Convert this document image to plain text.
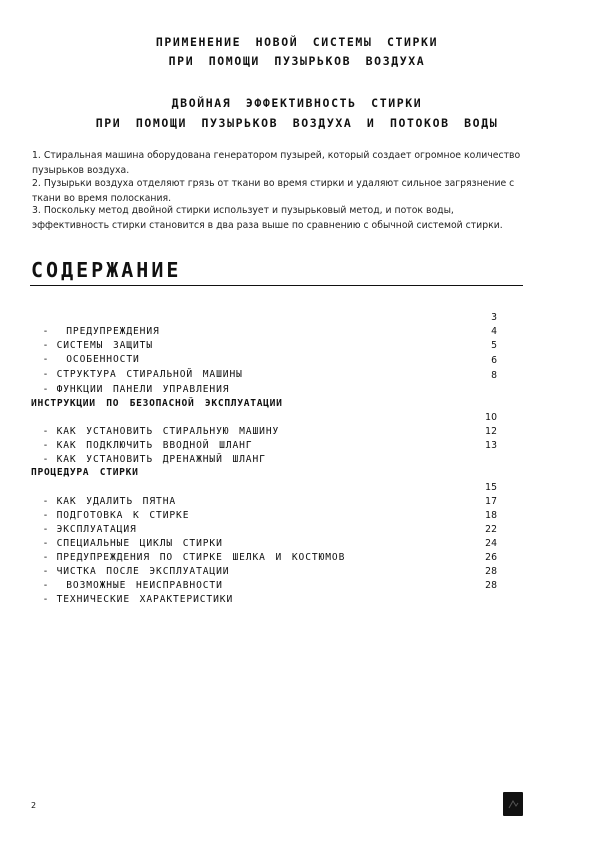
ПРИМЕНЕНИЕ НОВОЙ СИСТЕМЫ СТИРКИ
ПРИ ПОМОЩИ ПУЗЫРЬКОВ ВОЗДУХА
ДВОЙНАЯ ЭФФЕКТИВНОСТЬ СТИРКИ
ПРИ ПОМОЩИ ПУЗЫРЬКОВ ВОЗДУХА И ПОТОКОВ ВОДЫ
1. Стиральная машина оборудована генератором пузырей, который создает огромное количество пузырьков воздуха.
2. Пузырьки воздуха отделяют грязь от ткани во время стирки и удаляют сильное загрязнение с ткани во время полоскания.
3. Поскольку метод двойной стирки использует и пузырьковый метод, и поток воды, эффективность стирки становится в два раза выше по сравнению с обычной системой стирки.
СОДЕРЖАНИЕ

- ПРЕДУПРЕЖДЕНИЯ
3

- СИСТЕМЫ ЗАЩИТЫ
4

- ОСОБЕННОСТИ
5

- СТРУКТУРА СТИРАЛЬНОЙ МАШИНЫ
6

- ФУНКЦИИ ПАНЕЛИ УПРАВЛЕНИЯ
8

ИНСТРУКЦИИ ПО БЕЗОПАСНОЙ ЭКСПЛУАТАЦИИ

- КАК УСТАНОВИТЬ СТИРАЛЬНУЮ МАШИНУ
10

- КАК ПОДКЛЮЧИТЬ ВВОДНОЙ ШЛАНГ
12

- КАК УСТАНОВИТЬ ДРЕНАЖНЫЙ ШЛАНГ
13

ПРОЦЕДУРА СТИРКИ

- КАК УДАЛИТЬ ПЯТНА
15

- ПОДГОТОВКА К СТИРКЕ
17

- ЭКСПЛУАТАЦИЯ
18

- СПЕЦИАЛЬНЫЕ ЦИКЛЫ СТИРКИ
22

- ПРЕДУПРЕЖДЕНИЯ ПО СТИРКЕ ШЕЛКА И КОСТЮМОВ
24

- ЧИСТКА ПОСЛЕ ЭКСПЛУАТАЦИИ
26

- ВОЗМОЖНЫЕ НЕИСПРАВНОСТИ
28

- ТЕХНИЧЕСКИЕ ХАРАКТЕРИСТИКИ
28

2
